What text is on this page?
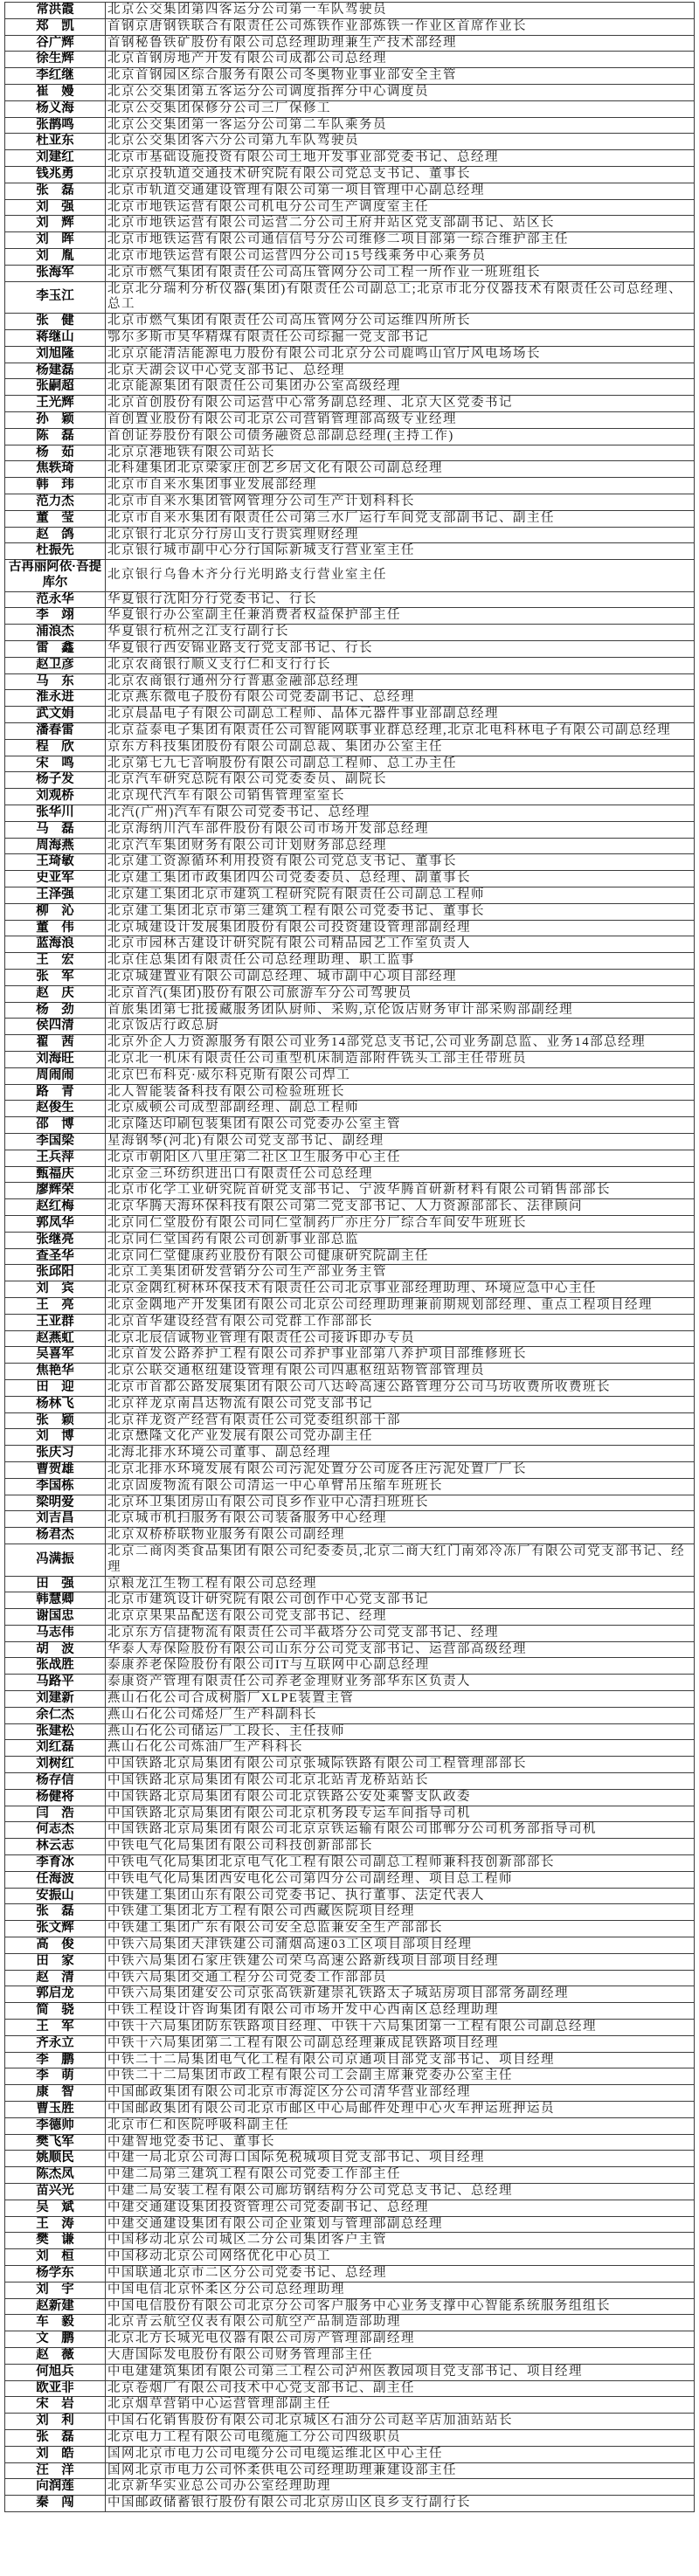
常洪霞	北京公交集团第四客运分公司第一车队驾驶员
郑　凯	首钢京唐钢铁联合有限责任公司炼铁作业部炼铁一作业区首席作业长
谷广辉	首钢秘鲁铁矿股份有限公司总经理助理兼生产技术部经理
徐生辉	北京首钢房地产开发有限公司成都公司总经理
李红继	北京首钢园区综合服务有限公司冬奥物业事业部安全主管
崔　嫚	北京公交集团第五客运分公司调度指挥分中心调度员
杨义海	北京公交集团保修分公司三厂保修工
张鹊鸣	北京公交集团第一客运分公司第二车队乘务员
杜亚东	北京公交集团客六分公司第九车队驾驶员
刘建红	北京市基础设施投资有限公司土地开发事业部党委书记、总经理
钱兆勇	北京京投轨道交通技术研究院有限公司党总支书记、董事长
张　磊	北京市轨道交通建设管理有限公司第一项目管理中心副总经理
刘　强	北京市地铁运营有限公司机电分公司生产调度室主任
刘　辉	北京市地铁运营有限公司运营二分公司王府井站区党支部副书记、站区长
刘　晖	北京市地铁运营有限公司通信信号分公司维修二项目部第一综合维护部主任
刘　胤	北京市地铁运营有限公司运营四分公司15号线乘务中心乘务员
张海军	北京市燃气集团有限责任公司高压管网分公司工程一所作业一班班组长
李玉江	北京北分瑞利分析仪器(集团)有限责任公司副总工;北京市北分仪器技术有限责任公司总经理、总工
张　健	北京市燃气集团有限责任公司高压管网分公司运维四所所长
蒋继山	鄂尔多斯市昊华精煤有限责任公司综掘一党支部书记
刘旭隆	北京京能清洁能源电力股份有限公司北京分公司鹿鸣山官厅风电场场长
杨建磊	北京天湖会议中心党支部书记、总经理
张嗣超	北京能源集团有限责任公司集团办公室高级经理
王光辉	北京首创股份有限公司运营中心常务副总经理、北京大区党委书记
孙　颖	首创置业股份有限公司北京公司营销管理部高级专业经理
陈　磊	首创证券股份有限公司债务融资总部副总经理(主持工作)
杨　茹	北京京港地铁有限公司站长
焦轶琦	北科建集团北京梁家庄创艺乡居文化有限公司副总经理
韩　玮	北京市自来水集团事业发展部经理
范力杰	北京市自来水集团管网管理分公司生产计划科科长
董　莹	北京市自来水集团有限责任公司第三水厂运行车间党支部副书记、副主任
赵　鸽	北京银行北京分行房山支行贵宾理财经理
杜振先	北京银行城市副中心分行国际新城支行营业室主任
古再丽阿依·吾提库尔	北京银行乌鲁木齐分行光明路支行营业室主任
范永华	华夏银行沈阳分行党委书记、行长
李　翊	华夏银行办公室副主任兼消费者权益保护部主任
浦浪杰	华夏银行杭州之江支行副行长
雷　鑫	华夏银行西安锦业路支行党支部书记、行长
赵卫彦	北京农商银行顺义支行仁和支行行长
马　东	北京农商银行通州分行普惠金融部总经理
淮永进	北京燕东微电子股份有限公司党委副书记、总经理
武文娟	北京晨晶电子有限公司副总工程师、晶体元器件事业部副总经理
潘春雷	北京益泰电子集团有限责任公司智能网联事业群总经理,北京北电科林电子有限公司副总经理
程　欣	京东方科技集团股份有限公司副总裁、集团办公室主任
宋　鸣	北京第七九七音响股份有限公司副总工程师、总工办主任
杨子发	北京汽车研究总院有限公司党委委员、副院长
刘观桥	北京现代汽车有限公司销售管理室室长
张华川	北汽(广州)汽车有限公司党委书记、总经理
马　磊	北京海纳川汽车部件股份有限公司市场开发部总经理
周海燕	北京汽车集团财务有限公司计划财务部总经理
王琦敏	北京建工资源循环利用投资有限公司党总支书记、董事长
史亚军	北京建工集团市政集团四公司党委委员、总经理、副董事长
王泽强	北京建工集团北京市建筑工程研究院有限责任公司副总工程师
柳　沁	北京建工集团北京市第三建筑工程有限公司党委书记、董事长
董　伟	北京城建设计发展集团股份有限公司投资建设管理部副经理
蓝海浪	北京市园林古建设计研究院有限公司精品园艺工作室负责人
王　宏	北京住总集团有限责任公司总经理助理、职工监事
张　军	北京城建置业有限公司副总经理、城市副中心项目部经理
赵　庆	北京首汽(集团)股份有限公司旅游车分公司驾驶员
杨　劲	首旅集团第七批援藏服务团队厨师、采购,京伦饭店财务审计部采购部副经理
侯四清	北京饭店行政总厨
翟　茜	北京外企人力资源服务有限公司业务14部党总支书记,公司业务副总监、业务14部总经理
刘海旺	北京北一机床有限责任公司重型机床制造部附件铣头工部主任带班员
周闹闹	北京巴布科克·威尔科克斯有限公司焊工
路　青	北人智能装备科技有限公司检验班班长
赵俊生	北京威顿公司成型部副经理、副总工程师
邵　博	北京隆达印刷包装集团有限公司党委办公室主管
李国梁	星海钢琴(河北)有限公司党支部书记、副经理
王兵萍	北京市朝阳区八里庄第二社区卫生服务中心主任
甄福庆	北京金三环纺织进出口有限责任公司总经理
廖辉荣	北京市化学工业研究院首研党支部书记、宁波华腾首研新材料有限公司销售部部长
赵红梅	北京华腾天海环保科技有限公司第二党支部书记、人力资源部部长、法律顾问
郭凤华	北京同仁堂股份有限公司同仁堂制药厂亦庄分厂综合车间安牛班班长
张继亮	北京同仁堂国药有限公司创新事业部总监
查圣华	北京同仁堂健康药业股份有限公司健康研究院副主任
张邱阳	北京工美集团研发营销分公司生产部业务主管
刘　宾	北京金隅红树林环保技术有限责任公司北京事业部经理助理、环境应急中心主任
王　亮	北京金隅地产开发集团有限公司北京公司经理助理兼前期规划部经理、重点工程项目经理
王亚群	北京首华建设经营有限公司党群工作部部长
赵燕虹	北京北辰信诚物业管理有限责任公司接诉即办专员
吴喜军	北京首发公路养护工程有限公司养护事业部第八养护项目部维修班长
焦艳华	北京公联交通枢纽建设管理有限公司四惠枢纽站物管部管理员
田　迎	北京市首都公路发展集团有限公司八达岭高速公路管理分公司马坊收费所收费班长
杨林飞	北京祥龙京南昌达物流有限公司党支部书记
张　颖	北京祥龙资产经营有限责任公司党委组织部干部
刘　博	北京懋隆文化产业发展有限公司党办副主任
张庆习	北海北排水环境公司董事、副总经理
曹贺雄	北京北排水环境发展有限公司污泥处置分公司庞各庄污泥处置厂厂长
李国栋	北京固废物流有限公司清运一中心单臂吊压缩车班班长
梁明爱	北京环卫集团房山有限公司良乡作业中心清扫班班长
刘吉昌	北京城市机扫服务有限公司装备服务中心经理
杨君杰	北京双桥桥联物业服务有限公司副经理
冯满振	北京二商肉类食品集团有限公司纪委委员,北京二商大红门南郊冷冻厂有限公司党支部书记、经理
田　强	京粮龙江生物工程有限公司总经理
韩慧卿	北京市建筑设计研究院有限公司创作中心党支部书记
谢国忠	北京京果果品配送有限公司党支部书记、经理
马志伟	北京东方信捷物流有限责任公司半截塔分公司党支部书记、经理
胡　波	华泰人寿保险股份有限公司山东分公司党支部书记、运营部高级经理
张战胜	泰康养老保险股份有限公司IT与互联网中心副总经理
马路平	泰康资产管理有限责任公司养老金理财业务部华东区负责人
刘建新	燕山石化公司合成树脂厂XLPE装置主管
余仁杰	燕山石化公司烯烃厂生产科副科长
张建松	燕山石化公司储运厂工段长、主任技师
刘红磊	燕山石化公司炼油厂生产科科长
刘树红	中国铁路北京局集团有限公司京张城际铁路有限公司工程管理部部长
杨存信	中国铁路北京局集团有限公司北京北站青龙桥站站长
杨健将	中国铁路北京局集团有限公司北京铁路公安处乘警支队政委
闫　浩	中国铁路北京局集团有限公司北京机务段专运车间指导司机
何志杰	中国铁路北京局集团有限公司北京京铁运输有限公司邯郸分公司机务部指导司机
林云志	中铁电气化局集团有限公司科技创新部部长
李育冰	中铁电气化局集团北京电气化工程有限公司副总工程师兼科技创新部部长
任海波	中铁电气化局集团西安电化公司第四分公司副经理、项目总工程师
安振山	中铁建工集团山东有限公司党委书记、执行董事、法定代表人
张　磊	中铁建工集团北方工程有限公司西藏医院项目经理
张文辉	中铁建工集团广东有限公司安全总监兼安全生产部部长
高　俊	中铁六局集团天津铁建公司蒲烟高速03工区项目部项目经理
田　家	中铁六局集团石家庄铁建公司荣乌高速公路新线项目部项目经理
赵　清	中铁六局集团交通工程分公司党委工作部部员
郭启龙	中铁六局集团建安公司京张高铁新建崇礼铁路太子城站房项目部常务副经理
简　骁	中铁工程设计咨询集团有限公司市场开发中心西南区总经理助理
王　军	中铁十六局集团防东铁路项目经理、中铁十六局集团第一工程有限公司副总经理
齐永立	中铁十六局集团第二工程有限公司副总经理兼成昆铁路项目经理
李　鹏	中铁二十二局集团电气化工程有限公司京通项目部党支部书记、项目经理
李　萌	中铁二十二局集团市政工程有限公司工会副主席兼党委办公室主任
康　智	中国邮政集团有限公司北京市海淀区分公司清华营业部经理
曹玉胜	中国邮政集团有限公司北京市邮区中心局邮件处理中心火车押运班押运员
李德帅	北京市仁和医院呼吸科副主任
樊飞军	中建智地党委书记、董事长
姚顺民	中建一局北京公司海口国际免税城项目党支部书记、项目经理
陈杰凤	中建二局第三建筑工程有限公司党委工作部主任
苗兴光	中建二局安装工程有限公司廊坊钢结构分公司党总支书记、总经理
吴　斌	中建交通建设集团投资管理公司党委副书记、总经理
王　涛	中建交通建设集团有限公司企业策划与管理部副总经理
樊　谦	中国移动北京公司城区二分公司集团客户主管
刘　桓	中国移动北京公司网络优化中心员工
杨学东	中国联通北京市二区分公司党委书记、总经理
刘　宇	中国电信北京怀柔区分公司总经理助理
赵新建	中国电信股份有限公司北京分公司客户服务中心业务支撑中心智能系统服务组组长
车　毅	北京青云航空仪表有限公司航空产品制造部助理
文　鹏	北京北方长城光电仪器有限公司房产管理部副经理
赵　薇	大唐国际发电股份有限公司财务管理部主任
何旭兵	中电建建筑集团有限公司第三工程公司泸州医教园项目党支部书记、项目经理
欧亚非	北京卷烟厂有限公司技术中心党支部书记、副主任
宋　岩	北京烟草营销中心运营管理部副主任
刘　利	中国石化销售股份有限公司北京城区石油分公司赵辛店加油站站长
张　磊	北京电力工程有限公司电缆施工分公司四级职员
刘　皓	国网北京市电力公司电缆分公司电缆运维北区中心主任
汪　洋	国网北京市电力公司怀柔供电公司经理助理兼建设部主任
向润莲	北京新华实业总公司办公室经理助理
秦　闯	中国邮政储蓄银行股份有限公司北京房山区良乡支行副行长
